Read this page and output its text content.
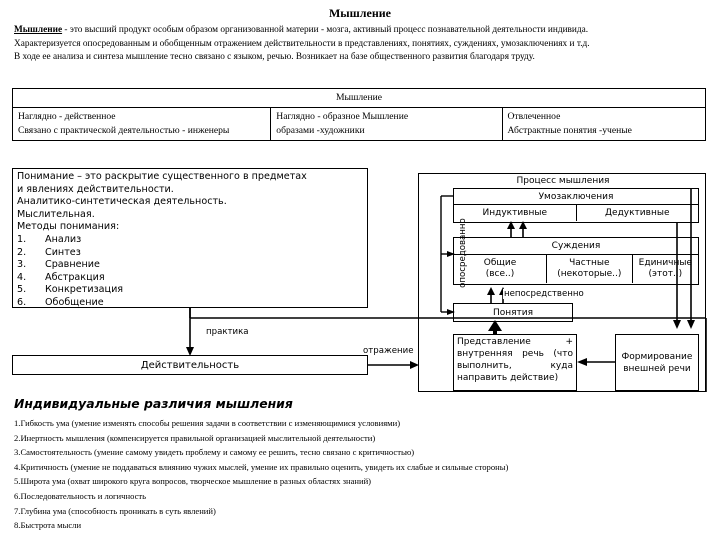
Мышление

Мышление - это высший продукт особым образом организованной материи - мозга, активный процесс познавательной деятельности индивида.

Характеризуется опосредованным и обобщенным отражением действительности в представлениях, понятиях, суждениях, умозаключениях и т.д.

В ходе ее анализа и синтеза мышление тесно связано с языком, речью. Возникает на базе общественного развития благодаря труду.

Мышление

Наглядно - действенное
Связано с практической деятельностью - инженеры

Наглядно - образное Мышление
образами -художники

Отвлеченное
Абстрактные понятия -ученые
Понимание – это раскрытие существенного в предметах
и явлениях действительности.
Аналитико-синтетическая деятельность.
Мыслительная.
Методы понимания:
1. Анализ
2. Синтез
3. Сравнение
4. Абстракция
5. Конкретизация
6. Обобщение
практика
отражение
Действительность
Процесс мышления
опосредованно
Умозаключения
Индуктивные	Дедуктивные
Суждения
Общие
(все..)
Частные
(некоторые..)
Единичные
(этот..)
непосредственно
Понятия
Представление +
внутренняя речь (что
выполнить, куда
направить действие)
Формирование
внешней речи
Индивидуальные различия мышления
1.Гибкость ума (умение изменять способы решения задачи в соответствии с изменяющимися условиями)
2.Инертность мышления (компенсируется правильной организацией мыслительной деятельности)
3.Самостоятельность (умение самому увидеть проблему и самому ее решить, тесно связано с критичностью)
4.Критичность (умение не поддаваться влиянию чужих мыслей, умение их правильно оценить, увидеть их слабые и сильные стороны)
5.Широта ума (охват широкого круга вопросов, творческое мышление в разных областях знаний)
6.Последовательность и логичность
7.Глубина ума (способность проникать в суть явлений)
8.Быстрота мысли
